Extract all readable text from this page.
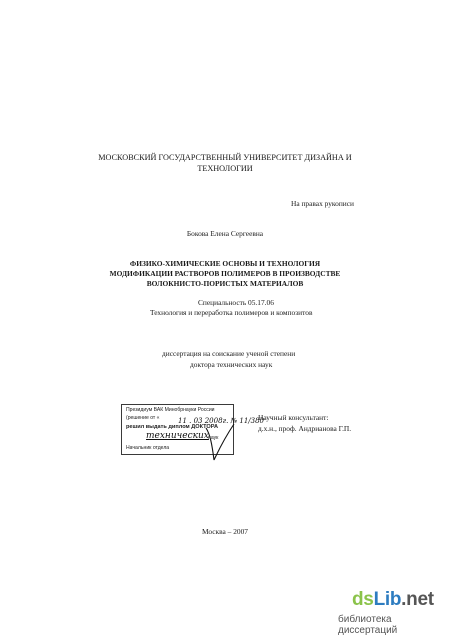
МОСКОВСКИЙ ГОСУДАРСТВЕННЫЙ УНИВЕРСИТЕТ ДИЗАЙНА И
ТЕХНОЛОГИИ
На правах рукописи
Бокова Елена Сергеевна
ФИЗИКО-ХИМИЧЕСКИЕ ОСНОВЫ И ТЕХНОЛОГИЯ
МОДИФИКАЦИИ РАСТВОРОВ ПОЛИМЕРОВ В ПРОИЗВОДСТВЕ
ВОЛОКНИСТО-ПОРИСТЫХ МАТЕРИАЛОВ
Специальность 05.17.06
Технология и переработка полимеров и композитов
диссертация на соискание ученой степени
доктора технических наук
Президиум ВАК Минобрнауки России
(решение от «
решил выдать диплом ДОКТОРА
наук
Начальник отдела
11 . 03 2008г. № 11/380
технических
Научный консультант:
д.х.н., проф. Андрианова Г.П.
Москва – 2007
dsLib.net
библиотека диссертаций
